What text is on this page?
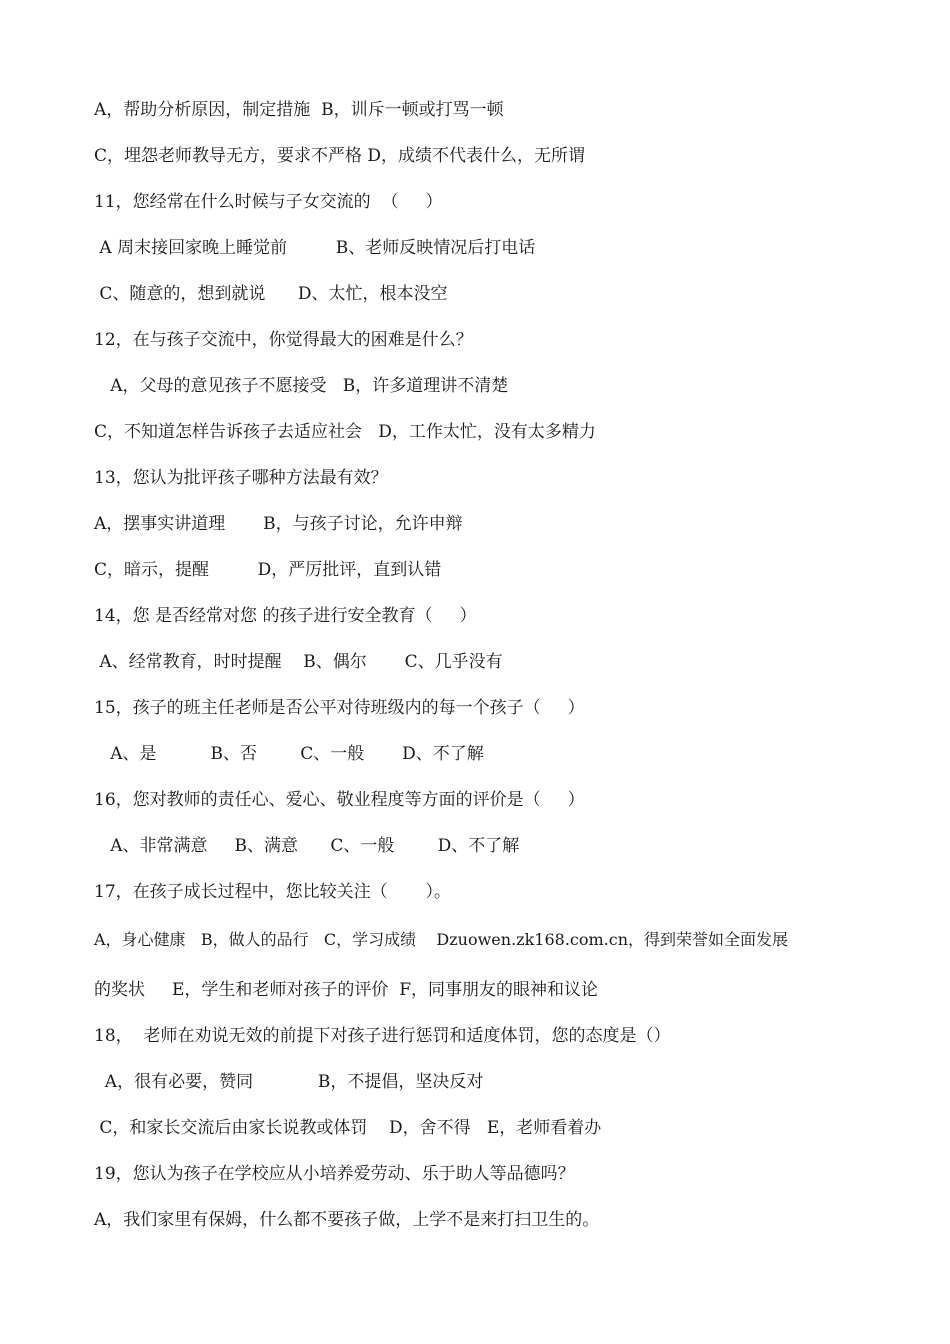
A，帮助分析原因，制定措施  B，训斥一顿或打骂一顿
C，埋怨老师教导无方，要求不严格 D，成绩不代表什么，无所谓
11，您经常在什么时候与子女交流的  （     ）
A 周末接回家晚上睡觉前         B、老师反映情况后打电话
C、随意的，想到就说      D、太忙，根本没空
12，在与孩子交流中，你觉得最大的困难是什么？
A，父母的意见孩子不愿接受   B，许多道理讲不清楚
C，不知道怎样告诉孩子去适应社会   D，工作太忙，没有太多精力
13，您认为批评孩子哪种方法最有效？
A，摆事实讲道理       B，与孩子讨论，允许申辩
C，暗示，提醒         D，严厉批评，直到认错
14，您 是否经常对您 的孩子进行安全教育（     ）
A、经常教育，时时提醒    B、偶尔       C、几乎没有
15，孩子的班主任老师是否公平对待班级内的每一个孩子（     ）
A、是          B、否        C、一般       D、不了解
16，您对教师的责任心、爱心、敬业程度等方面的评价是（     ）
A、非常满意     B、满意      C、一般        D、不了解
17，在孩子成长过程中，您比较关注（       ）。
A，身心健康   B，做人的品行   C，学习成绩    Dzuowen.zk168.com.cn，得到荣誉如全面发展
的奖状     E，学生和老师对孩子的评价  F，同事朋友的眼神和议论
18，  老师在劝说无效的前提下对孩子进行惩罚和适度体罚，您的态度是（）
A，很有必要，赞同            B，不提倡，坚决反对
C，和家长交流后由家长说教或体罚    D，舍不得   E，老师看着办
19，您认为孩子在学校应从小培养爱劳动、乐于助人等品德吗？
A，我们家里有保姆，什么都不要孩子做，上学不是来打扫卫生的。
